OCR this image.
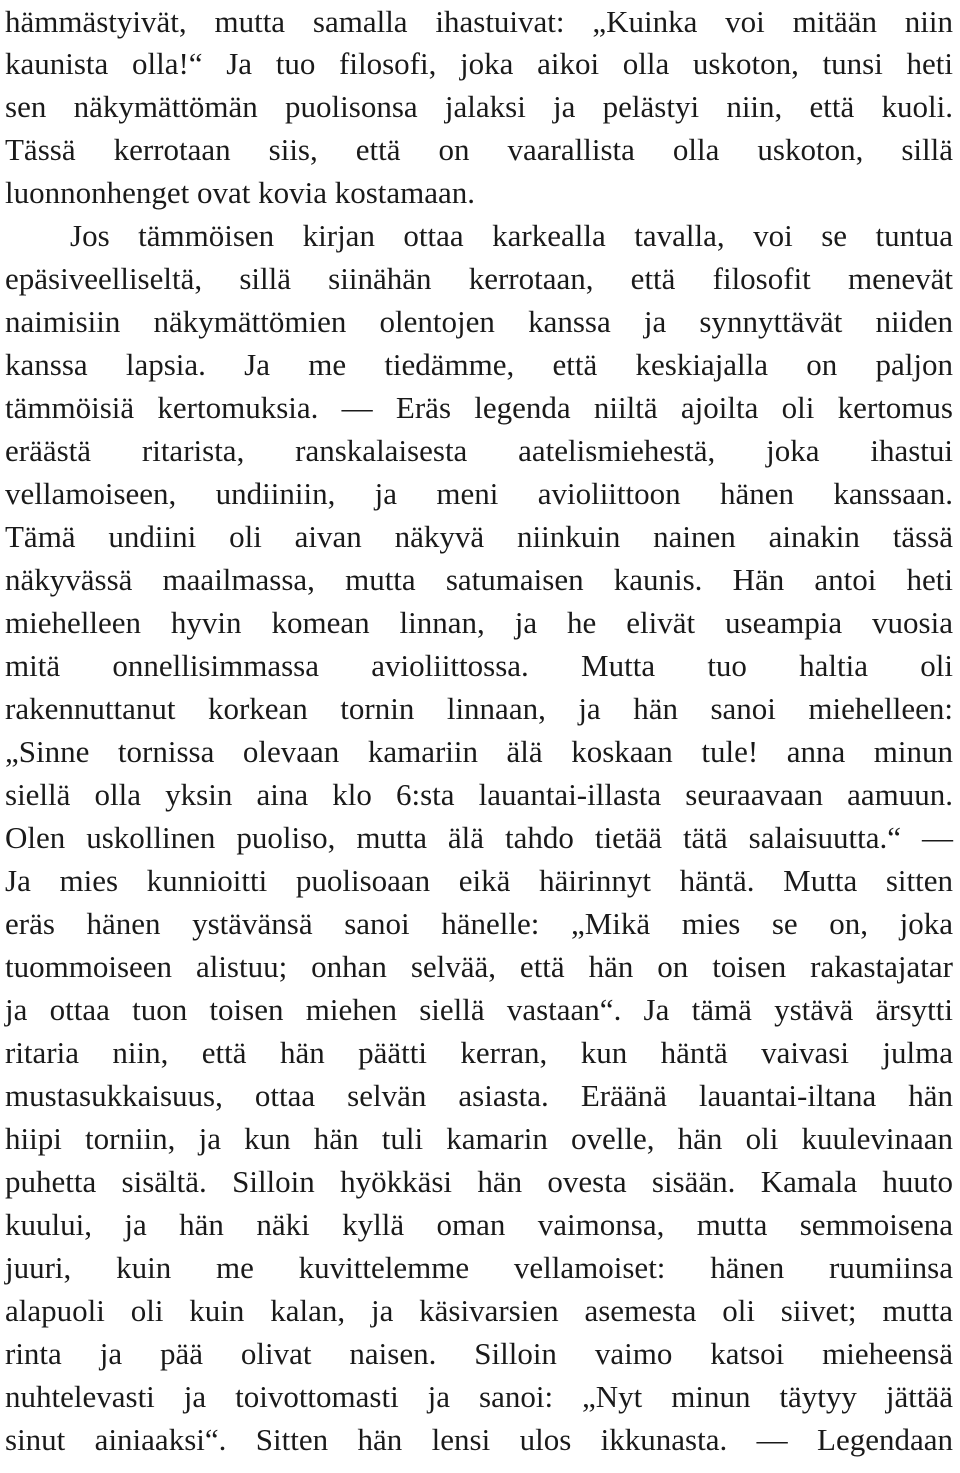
hämmästyivät, mutta samalla ihastuivat: „Kuinka voi mitään niin
kaunista olla!“ Ja tuo filosofi, joka aikoi olla uskoton, tunsi heti
sen näkymättömän puolisonsa jalaksi ja pelästyi niin, että kuoli.
Tässä kerrotaan siis, että on vaarallista olla uskoton, sillä
luonnonhenget ovat kovia kostamaan.
Jos tämmöisen kirjan ottaa karkealla tavalla, voi se tuntua
epäsiveelliseltä, sillä siinähän kerrotaan, että filosofit menevät
naimisiin näkymättömien olentojen kanssa ja synnyttävät niiden
kanssa lapsia. Ja me tiedämme, että keskiajalla on paljon
tämmöisiä kertomuksia. — Eräs legenda niiltä ajoilta oli kertomus
eräästä ritarista, ranskalaisesta aatelismiehestä, joka ihastui
vellamoiseen, undiiniin, ja meni avioliittoon hänen kanssaan.
Tämä undiini oli aivan näkyvä niinkuin nainen ainakin tässä
näkyvässä maailmassa, mutta satumaisen kaunis. Hän antoi heti
miehelleen hyvin komean linnan, ja he elivät useampia vuosia
mitä onnellisimmassa avioliittossa. Mutta tuo haltia oli
rakennuttanut korkean tornin linnaan, ja hän sanoi miehelleen:
„Sinne tornissa olevaan kamariin älä koskaan tule! anna minun
siellä olla yksin aina klo 6:sta lauantai-illasta seuraavaan aamuun.
Olen uskollinen puoliso, mutta älä tahdo tietää tätä salaisuutta.“ —
Ja mies kunnioitti puolisoaan eikä häirinnyt häntä. Mutta sitten
eräs hänen ystävänsä sanoi hänelle: „Mikä mies se on, joka
tuommoiseen alistuu; onhan selvää, että hän on toisen rakastajatar
ja ottaa tuon toisen miehen siellä vastaan“. Ja tämä ystävä ärsytti
ritaria niin, että hän päätti kerran, kun häntä vaivasi julma
mustasukkaisuus, ottaa selvän asiasta. Eräänä lauantai-iltana hän
hiipi torniin, ja kun hän tuli kamarin ovelle, hän oli kuulevinaan
puhetta sisältä. Silloin hyökkäsi hän ovesta sisään. Kamala huuto
kuului, ja hän näki kyllä oman vaimonsa, mutta semmoisena
juuri, kuin me kuvittelemme vellamoiset: hänen ruumiinsa
alapuoli oli kuin kalan, ja käsivarsien asemesta oli siivet; mutta
rinta ja pää olivat naisen. Silloin vaimo katsoi mieheensä
nuhtelevasti ja toivottomasti ja sanoi: „Nyt minun täytyy jättää
sinut ainiaaksi“. Sitten hän lensi ulos ikkunasta. — Legendaan
